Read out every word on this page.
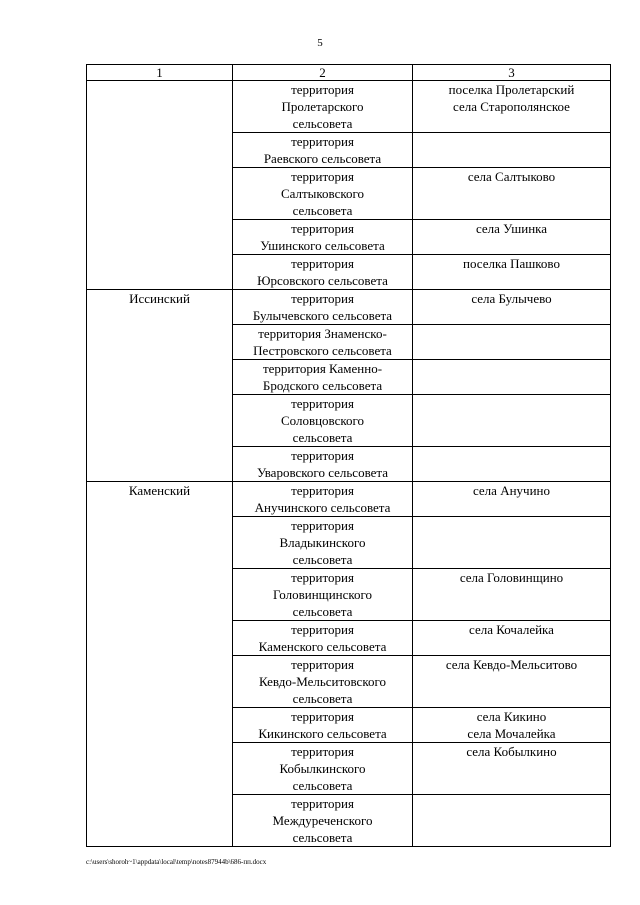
5
1	2	3
	территория
Пролетарского
сельсовета	поселка Пролетарский
села Старополянское
	территория
Раевского сельсовета	
	территория
Салтыковского
сельсовета	села Салтыково
	территория
Ушинского сельсовета	села Ушинка
	территория
Юрсовского сельсовета	поселка Пашково
Иссинский	территория
Булычевского сельсовета	села Булычево
	территория Знаменско-
Пестровского сельсовета	
	территория Каменно-
Бродского сельсовета	
	территория
Соловцовского
сельсовета	
	территория
Уваровского сельсовета	
Каменский	территория
Анучинского сельсовета	села Анучино
	территория
Владыкинского
сельсовета	
	территория
Головинщинского
сельсовета	села Головинщино
	территория
Каменского сельсовета	села Кочалейка
	территория
Кевдо-Мельситовского
сельсовета	села Кевдо-Мельситово
	территория
Кикинского сельсовета	села Кикино
села Мочалейка
	территория
Кобылкинского
сельсовета	села Кобылкино
	территория
Междуреченского
сельсовета	
c:\users\shoroh~1\appdata\local\temp\notes87944b\686-пп.docx
